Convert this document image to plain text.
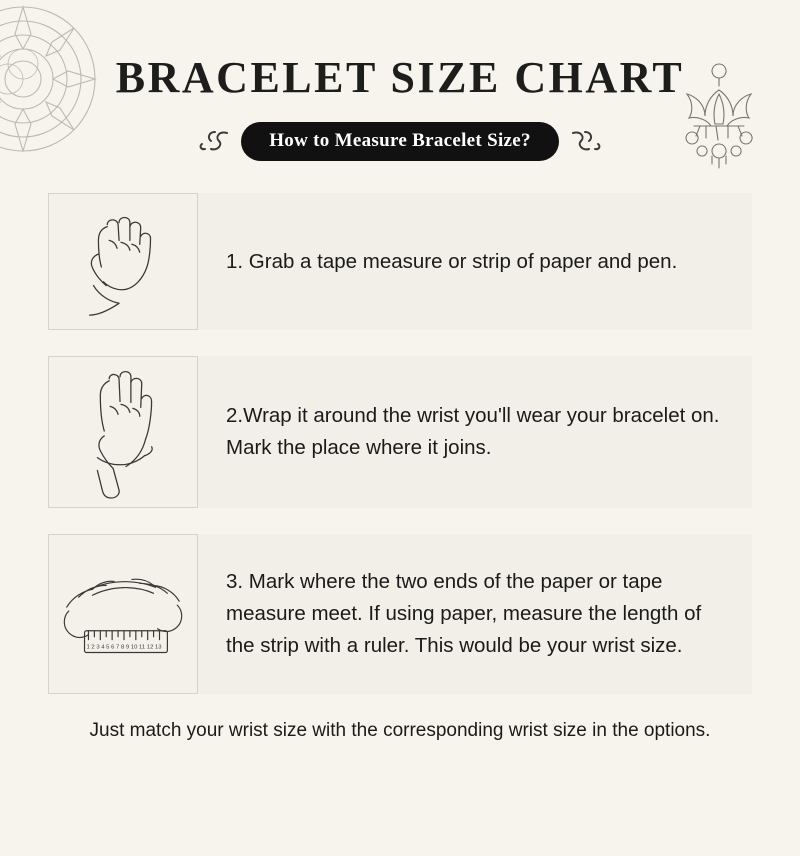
BRACELET SIZE CHART
How to Measure Bracelet Size?
1. Grab a tape measure or strip of paper and pen.
2.Wrap it around the wrist you'll wear your bracelet on. Mark the place where it joins.
1 2 3 4 5 6 7 8 9 10 11 12 13
3. Mark where the two ends of the paper or tape measure meet. If using paper, measure the length of the strip with a ruler. This would be your wrist size.
Just match your wrist size with the corresponding wrist size in the options.
